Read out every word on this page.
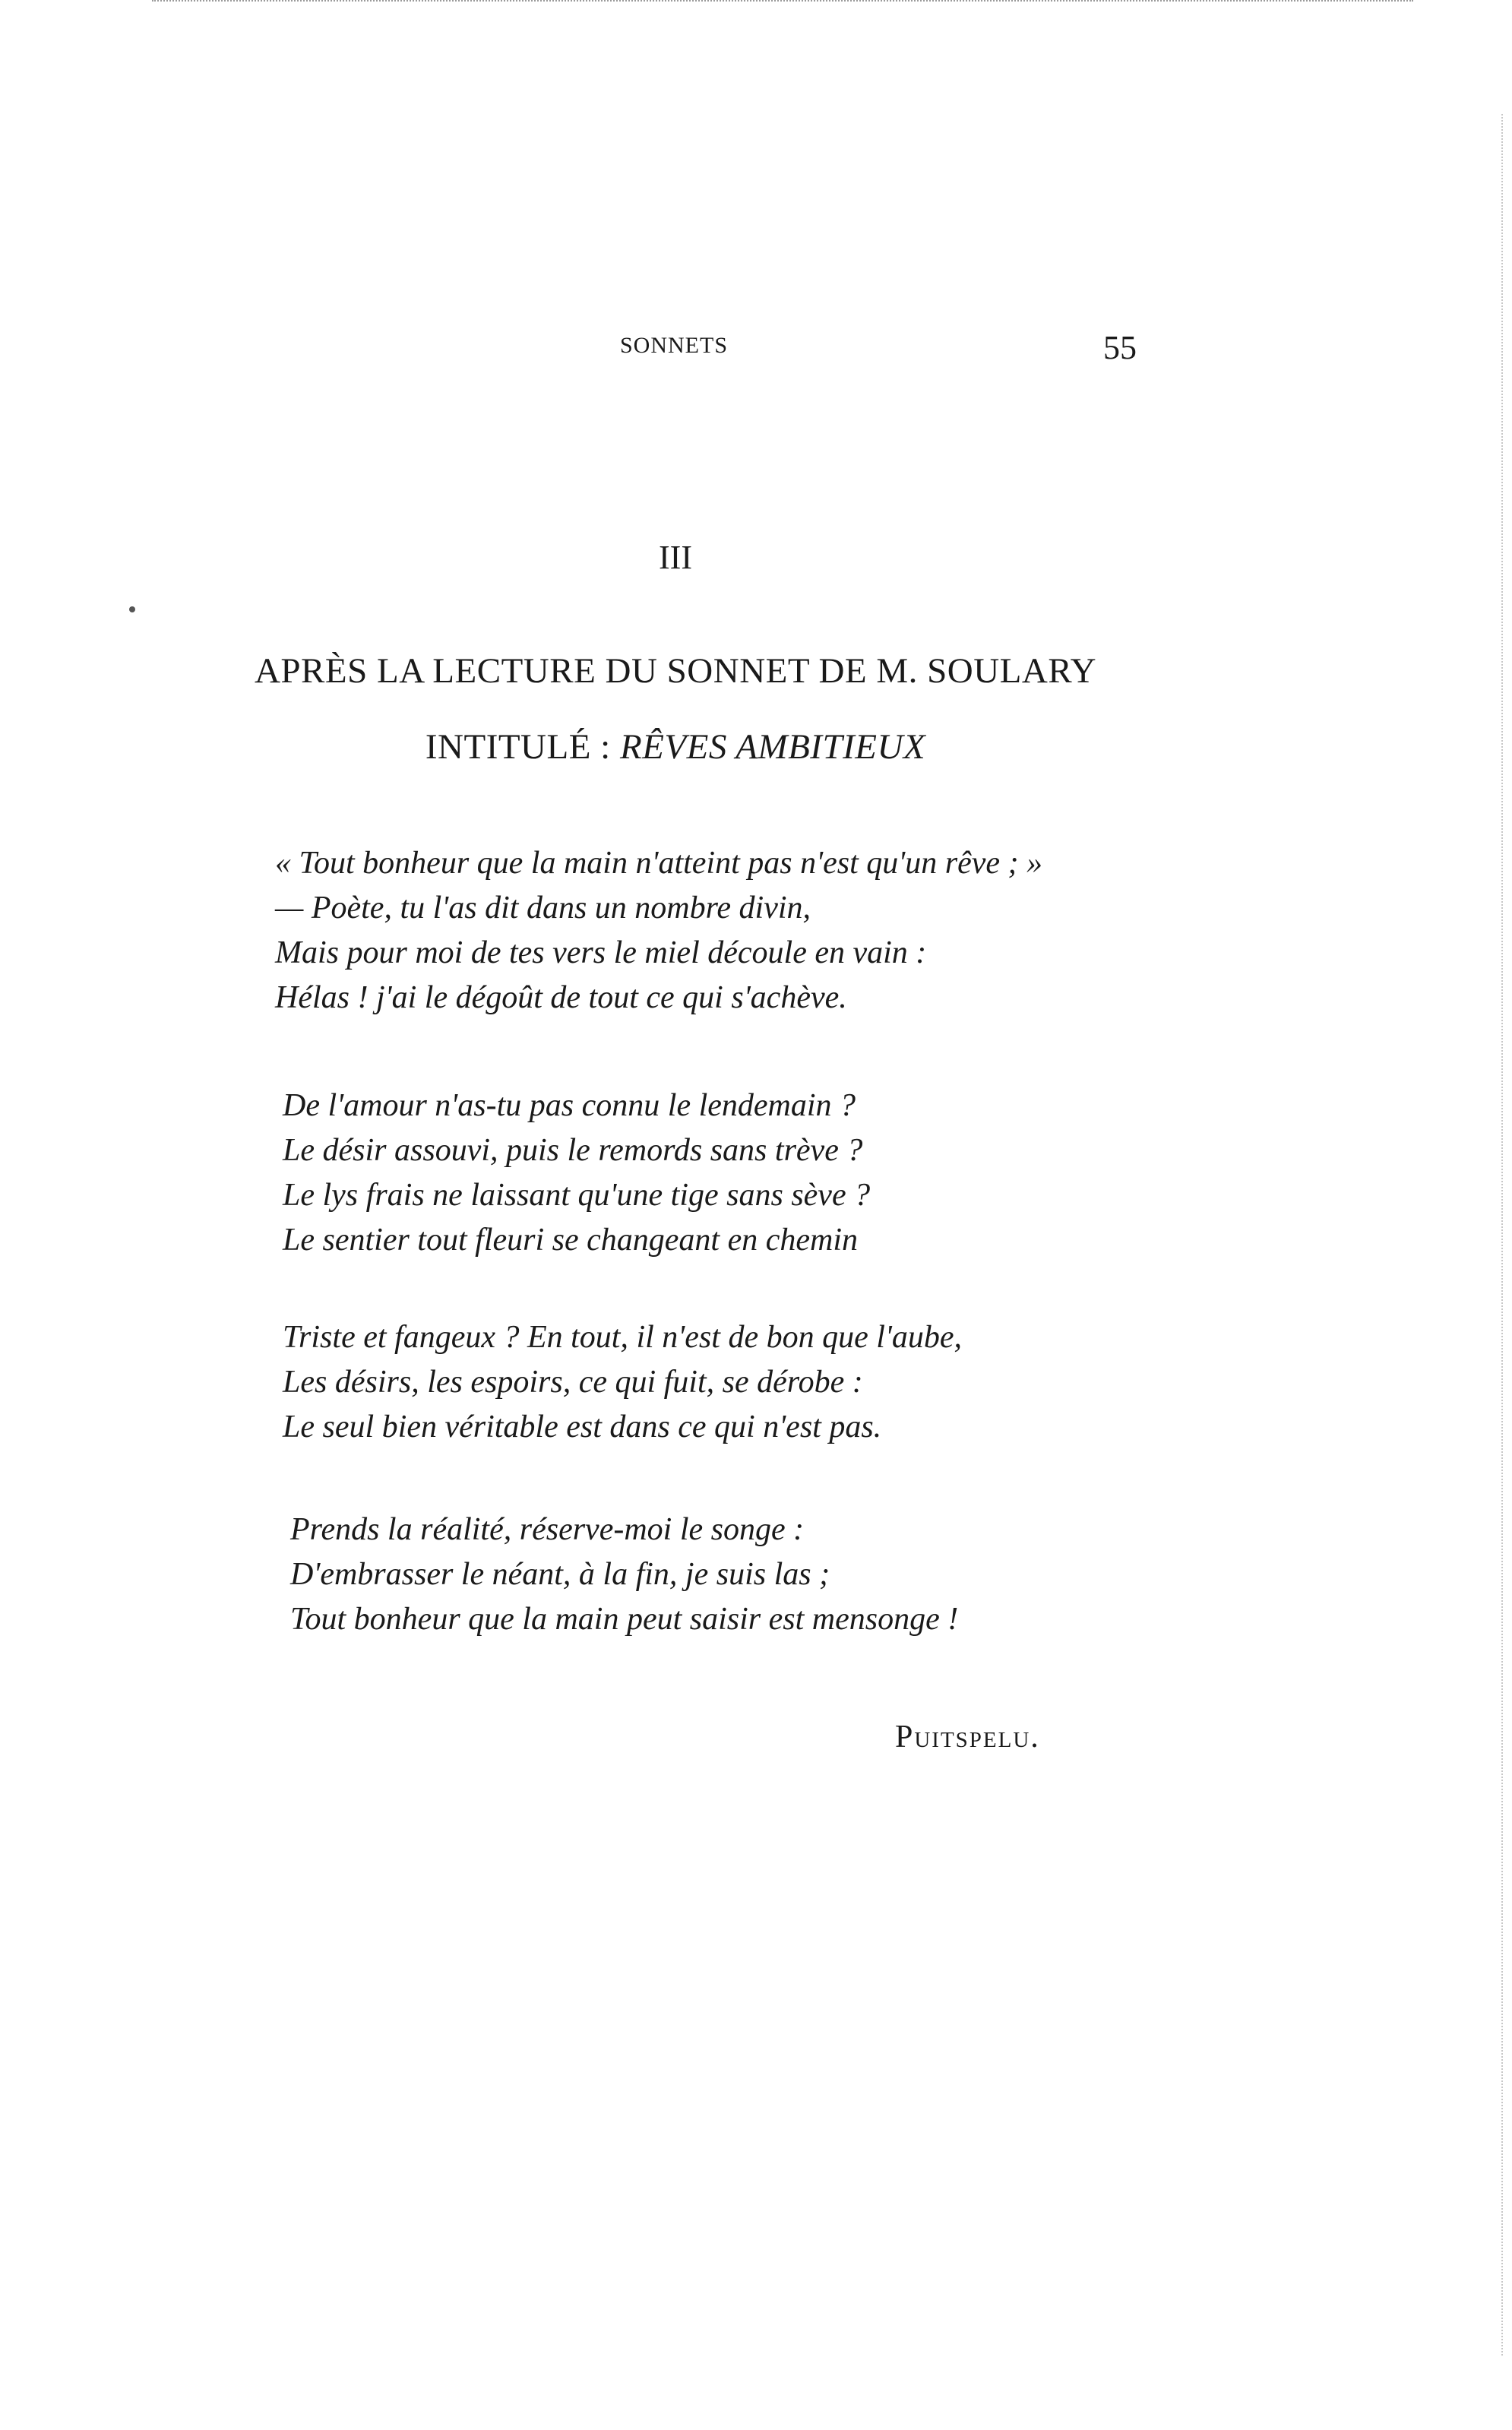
SONNETS	55
III
APRÈS LA LECTURE DU SONNET DE M. SOULARY
INTITULÉ : RÊVES AMBITIEUX
« Tout bonheur que la main n'atteint pas n'est qu'un rêve ; »
— Poète, tu l'as dit dans un nombre divin,
Mais pour moi de tes vers le miel découle en vain :
Hélas ! j'ai le dégoût de tout ce qui s'achève.
De l'amour n'as-tu pas connu le lendemain ?
Le désir assouvi, puis le remords sans trève ?
Le lys frais ne laissant qu'une tige sans sève ?
Le sentier tout fleuri se changeant en chemin
Triste et fangeux ? En tout, il n'est de bon que l'aube,
Les désirs, les espoirs, ce qui fuit, se dérobe :
Le seul bien véritable est dans ce qui n'est pas.
Prends la réalité, réserve-moi le songe :
D'embrasser le néant, à la fin, je suis las ;
Tout bonheur que la main peut saisir est mensonge !
Puitspelu.
